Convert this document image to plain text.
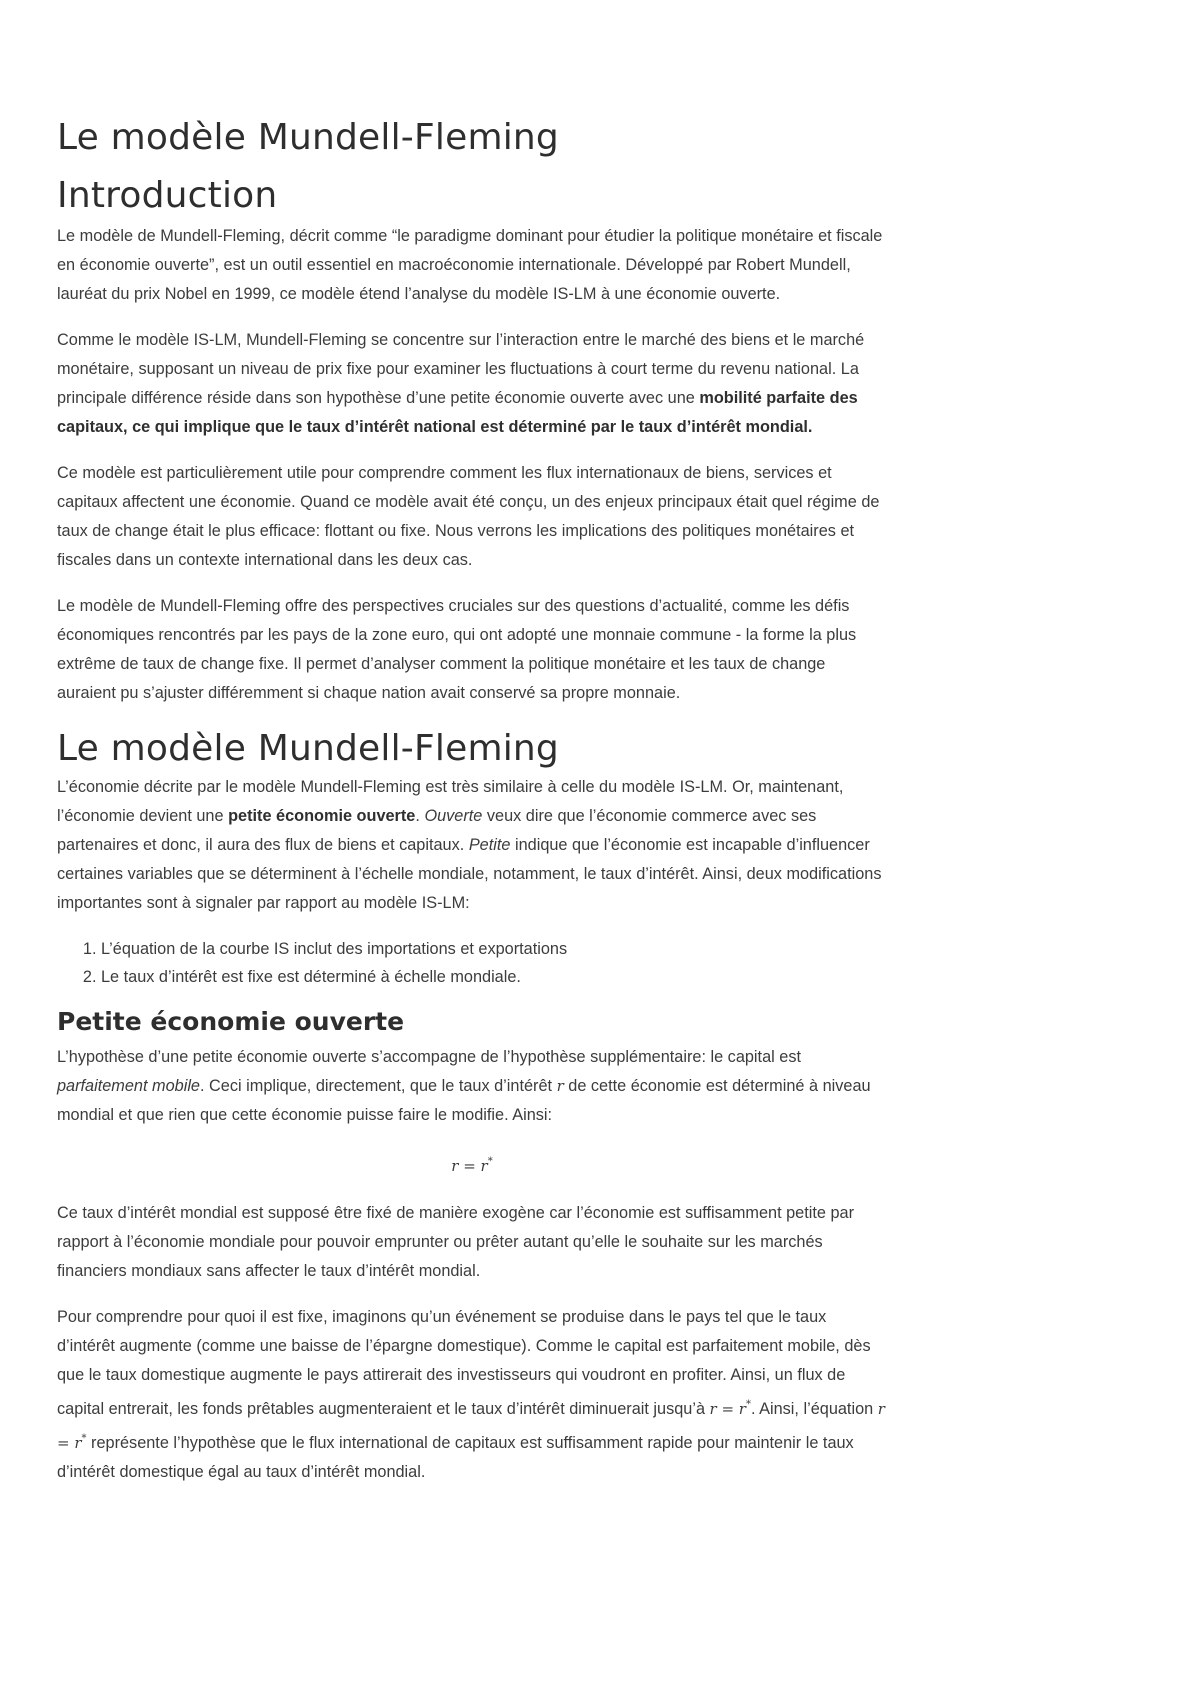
Le modèle Mundell-Fleming
Introduction

Le modèle de Mundell-Fleming, décrit comme “le paradigme dominant pour étudier la politique monétaire et fiscale en économie ouverte”, est un outil essentiel en macroéconomie internationale. Développé par Robert Mundell, lauréat du prix Nobel en 1999, ce modèle étend l’analyse du modèle IS-LM à une économie ouverte.

Comme le modèle IS-LM, Mundell-Fleming se concentre sur l’interaction entre le marché des biens et le marché monétaire, supposant un niveau de prix fixe pour examiner les fluctuations à court terme du revenu national. La principale différence réside dans son hypothèse d’une petite économie ouverte avec une mobilité parfaite des capitaux, ce qui implique que le taux d’intérêt national est déterminé par le taux d’intérêt mondial.

Ce modèle est particulièrement utile pour comprendre comment les flux internationaux de biens, services et capitaux affectent une économie. Quand ce modèle avait été conçu, un des enjeux principaux était quel régime de taux de change était le plus efficace: flottant ou fixe. Nous verrons les implications des politiques monétaires et fiscales dans un contexte international dans les deux cas.

Le modèle de Mundell-Fleming offre des perspectives cruciales sur des questions d’actualité, comme les défis économiques rencontrés par les pays de la zone euro, qui ont adopté une monnaie commune - la forme la plus extrême de taux de change fixe. Il permet d’analyser comment la politique monétaire et les taux de change auraient pu s’ajuster différemment si chaque nation avait conservé sa propre monnaie.

Le modèle Mundell-Fleming

L’économie décrite par le modèle Mundell-Fleming est très similaire à celle du modèle IS-LM. Or, maintenant, l’économie devient une petite économie ouverte. Ouverte veux dire que l’économie commerce avec ses partenaires et donc, il aura des flux de biens et capitaux. Petite indique que l’économie est incapable d’influencer certaines variables que se déterminent à l’échelle mondiale, notamment, le taux d’intérêt. Ainsi, deux modifications importantes sont à signaler par rapport au modèle IS-LM:

1. L’équation de la courbe IS inclut des importations et exportations
2. Le taux d’intérêt est fixe est déterminé à échelle mondiale.
Petite économie ouverte

L’hypothèse d’une petite économie ouverte s’accompagne de l’hypothèse supplémentaire: le capital est parfaitement mobile. Ceci implique, directement, que le taux d’intérêt r de cette économie est déterminé à niveau mondial et que rien que cette économie puisse faire le modifie. Ainsi:

r = r*

Ce taux d’intérêt mondial est supposé être fixé de manière exogène car l’économie est suffisamment petite par rapport à l’économie mondiale pour pouvoir emprunter ou prêter autant qu’elle le souhaite sur les marchés financiers mondiaux sans affecter le taux d’intérêt mondial.

Pour comprendre pour quoi il est fixe, imaginons qu’un événement se produise dans le pays tel que le taux d’intérêt augmente (comme une baisse de l’épargne domestique). Comme le capital est parfaitement mobile, dès que le taux domestique augmente le pays attirerait des investisseurs qui voudront en profiter. Ainsi, un flux de capital entrerait, les fonds prêtables augmenteraient et le taux d’intérêt diminuerait jusqu’à r = r*. Ainsi, l’équation r = r* représente l’hypothèse que le flux international de capitaux est suffisamment rapide pour maintenir le taux d’intérêt domestique égal au taux d’intérêt mondial.
